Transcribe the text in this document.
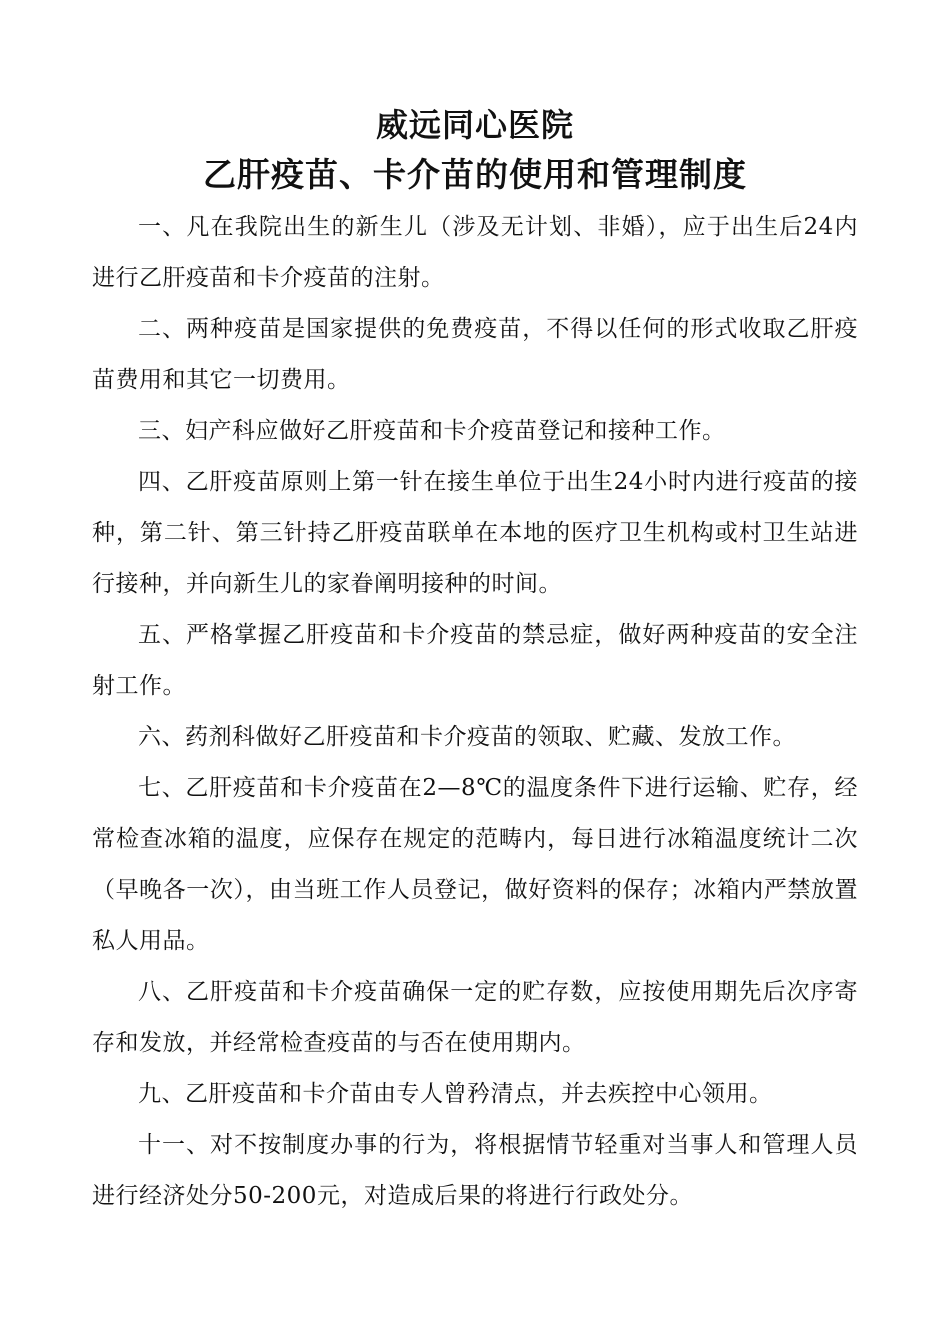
威远同心医院
乙肝疫苗、卡介苗的使用和管理制度

一、凡在我院出生的新生儿（涉及无计划、非婚），应于出生后24内进行乙肝疫苗和卡介疫苗的注射。

二、两种疫苗是国家提供的免费疫苗，不得以任何的形式收取乙肝疫苗费用和其它一切费用。

三、妇产科应做好乙肝疫苗和卡介疫苗登记和接种工作。

四、乙肝疫苗原则上第一针在接生单位于出生24小时内进行疫苗的接种，第二针、第三针持乙肝疫苗联单在本地的医疗卫生机构或村卫生站进行接种，并向新生儿的家眷阐明接种的时间。

五、严格掌握乙肝疫苗和卡介疫苗的禁忌症，做好两种疫苗的安全注射工作。

六、药剂科做好乙肝疫苗和卡介疫苗的领取、贮藏、发放工作。

七、乙肝疫苗和卡介疫苗在2—8℃的温度条件下进行运输、贮存，经常检查冰箱的温度，应保存在规定的范畴内，每日进行冰箱温度统计二次（早晚各一次），由当班工作人员登记，做好资料的保存；冰箱内严禁放置私人用品。

八、乙肝疫苗和卡介疫苗确保一定的贮存数，应按使用期先后次序寄存和发放，并经常检查疫苗的与否在使用期内。

九、乙肝疫苗和卡介苗由专人曾矜清点，并去疾控中心领用。

十一、对不按制度办事的行为，将根据情节轻重对当事人和管理人员进行经济处分50-200元，对造成后果的将进行行政处分。
